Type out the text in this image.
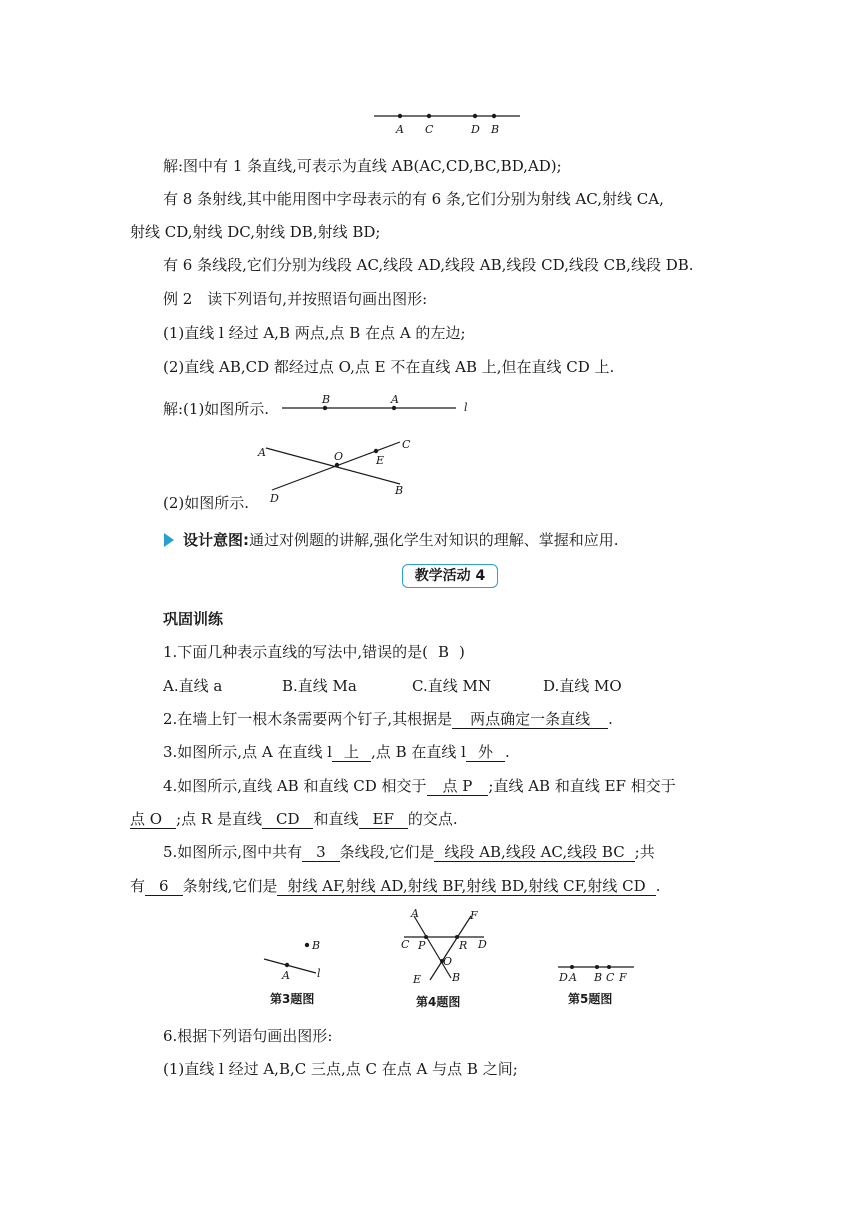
A C	D B
解:图中有 1 条直线,可表示为直线 AB(AC,CD,BC,BD,AD);
有 8 条射线,其中能用图中字母表示的有 6 条,它们分别为射线 AC,射线 CA,
射线 CD,射线 DC,射线 DB,射线 BD;
有 6 条线段,它们分别为线段 AC,线段 AD,线段 AB,线段 CD,线段 CB,线段 DB.
例 2　读下列语句,并按照语句画出图形:
(1)直线 l 经过 A,B 两点,点 B 在点 A 的左边;
(2)直线 AB,CD 都经过点 O,点 E 不在直线 AB 上,但在直线 CD 上.
解:(1)如图所示.
B	A
l
A	O	E
C
D
B
(2)如图所示.
设计意图:通过对例题的讲解,强化学生对知识的理解、掌握和应用.
教学活动 4
巩固训练
1.下面几种表示直线的写法中,错误的是( B )
A.直线 a	B.直线 Ma	C.直线 MN	D.直线 MO
2.在墙上钉一根木条需要两个钉子,其根据是 两点确定一条直线 .
3.如图所示,点 A 在直线 l 上 ,点 B 在直线 l 外 .
4.如图所示,直线 AB 和直线 CD 相交于 点 P ;直线 AB 和直线 EF 相交于
点 O ;点 R 是直线 CD 和直线 EF 的交点.
5.如图所示,图中共有 3 条线段,它们是 线段 AB,线段 AC,线段 BC ;共
有 6 条射线,它们是 射线 AF,射线 AD,射线 BF,射线 BD,射线 CF,射线 CD .
B
A l
第3题图
A	F
C P	R D
O
E	B
第4题图
D A B C F
第5题图
6.根据下列语句画出图形:
(1)直线 l 经过 A,B,C 三点,点 C 在点 A 与点 B 之间;
